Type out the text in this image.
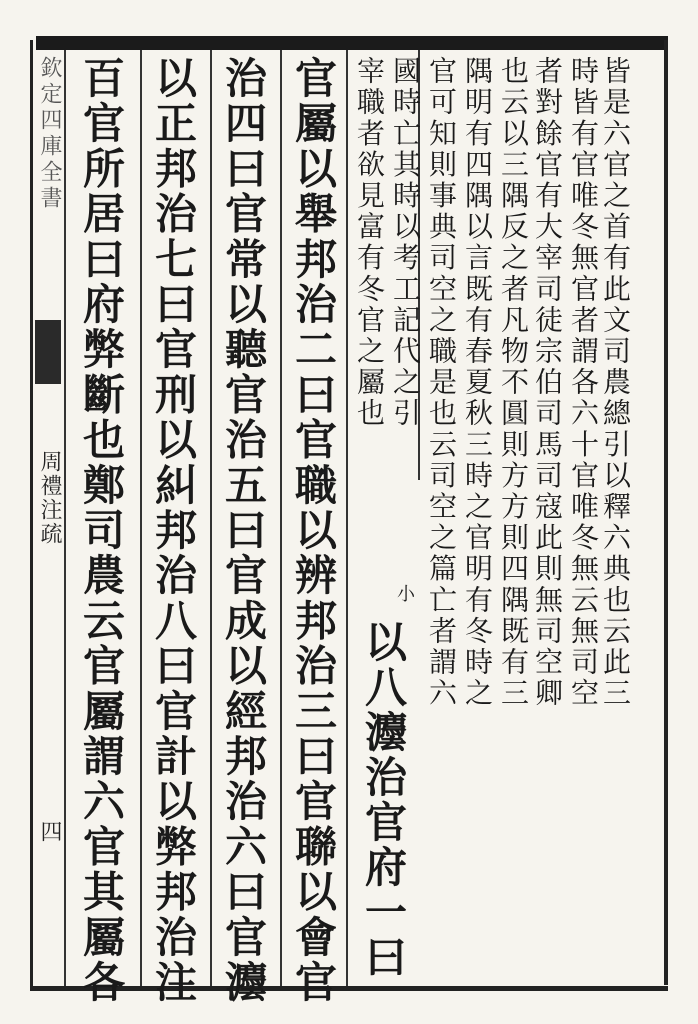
欽定四庫全書
周禮注疏
四
皆是六官之首有此文司農總引以釋六典也云此三
時皆有官唯冬無官者謂各六十官唯冬無云無司空
者對餘官有大宰司徒宗伯司馬司寇此則無司空卿
也云以三隅反之者凡物不圓則方方則四隅既有三
隅明有四隅以言既有春夏秋三時之官明有冬時之
官可知則事典司空之職是也云司空之篇亡者謂六
國時亡其時以考工記代之引
宰職者欲見富有冬官之屬也
小
以八灋治官府一曰
官屬以舉邦治二曰官職以辨邦治三曰官聯以會官
治四曰官常以聽官治五曰官成以經邦治六曰官灋
以正邦治七曰官刑以糾邦治八曰官計以弊邦治注
百官所居曰府弊斷也鄭司農云官屬謂六官其屬各
